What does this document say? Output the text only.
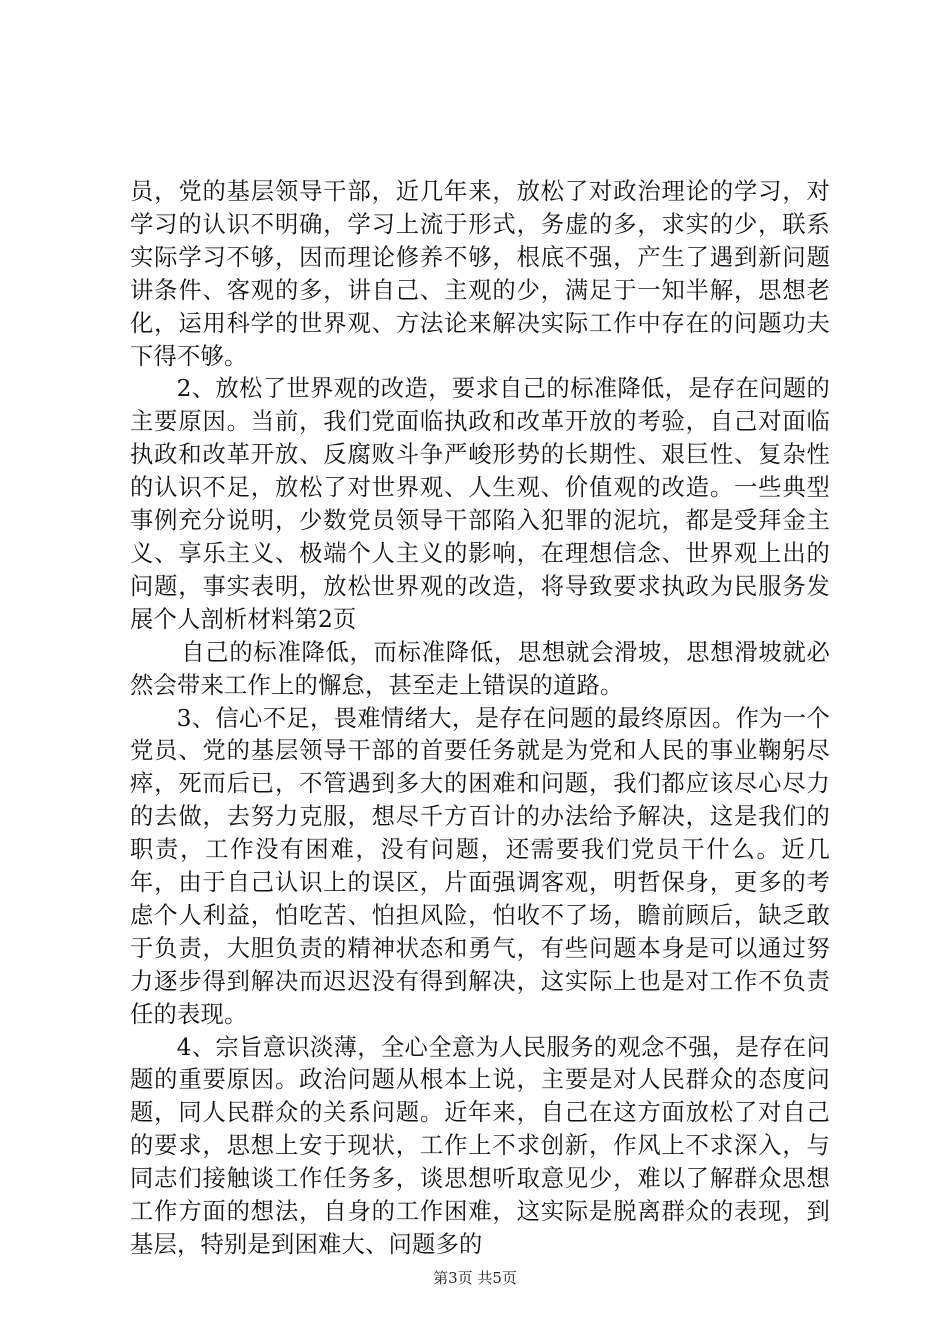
员，党的基层领导干部，近几年来，放松了对政治理论的学习，对学习的认识不明确，学习上流于形式，务虚的多，求实的少，联系实际学习不够，因而理论修养不够，根底不强，产生了遇到新问题讲条件、客观的多，讲自己、主观的少，满足于一知半解，思想老化，运用科学的世界观、方法论来解决实际工作中存在的问题功夫下得不够。

2、放松了世界观的改造，要求自己的标准降低，是存在问题的主要原因。当前，我们党面临执政和改革开放的考验，自己对面临执政和改革开放、反腐败斗争严峻形势的长期性、艰巨性、复杂性的认识不足，放松了对世界观、人生观、价值观的改造。一些典型事例充分说明，少数党员领导干部陷入犯罪的泥坑，都是受拜金主义、享乐主义、极端个人主义的影响，在理想信念、世界观上出的问题，事实表明，放松世界观的改造，将导致要求执政为民服务发展个人剖析材料第2页

自己的标准降低，而标准降低，思想就会滑坡，思想滑坡就必然会带来工作上的懈怠，甚至走上错误的道路。

3、信心不足，畏难情绪大，是存在问题的最终原因。作为一个党员、党的基层领导干部的首要任务就是为党和人民的事业鞠躬尽瘁，死而后已，不管遇到多大的困难和问题，我们都应该尽心尽力的去做，去努力克服，想尽千方百计的办法给予解决，这是我们的职责，工作没有困难，没有问题，还需要我们党员干什么。近几年，由于自己认识上的误区，片面强调客观，明哲保身，更多的考虑个人利益，怕吃苦、怕担风险，怕收不了场，瞻前顾后，缺乏敢于负责，大胆负责的精神状态和勇气，有些问题本身是可以通过努力逐步得到解决而迟迟没有得到解决，这实际上也是对工作不负责任的表现。

4、宗旨意识淡薄，全心全意为人民服务的观念不强，是存在问题的重要原因。政治问题从根本上说，主要是对人民群众的态度问题，同人民群众的关系问题。近年来，自己在这方面放松了对自己的要求，思想上安于现状，工作上不求创新，作风上不求深入，与同志们接触谈工作任务多，谈思想听取意见少，难以了解群众思想工作方面的想法，自身的工作困难，这实际是脱离群众的表现，到基层，特别是到困难大、问题多的

第3页 共5页
